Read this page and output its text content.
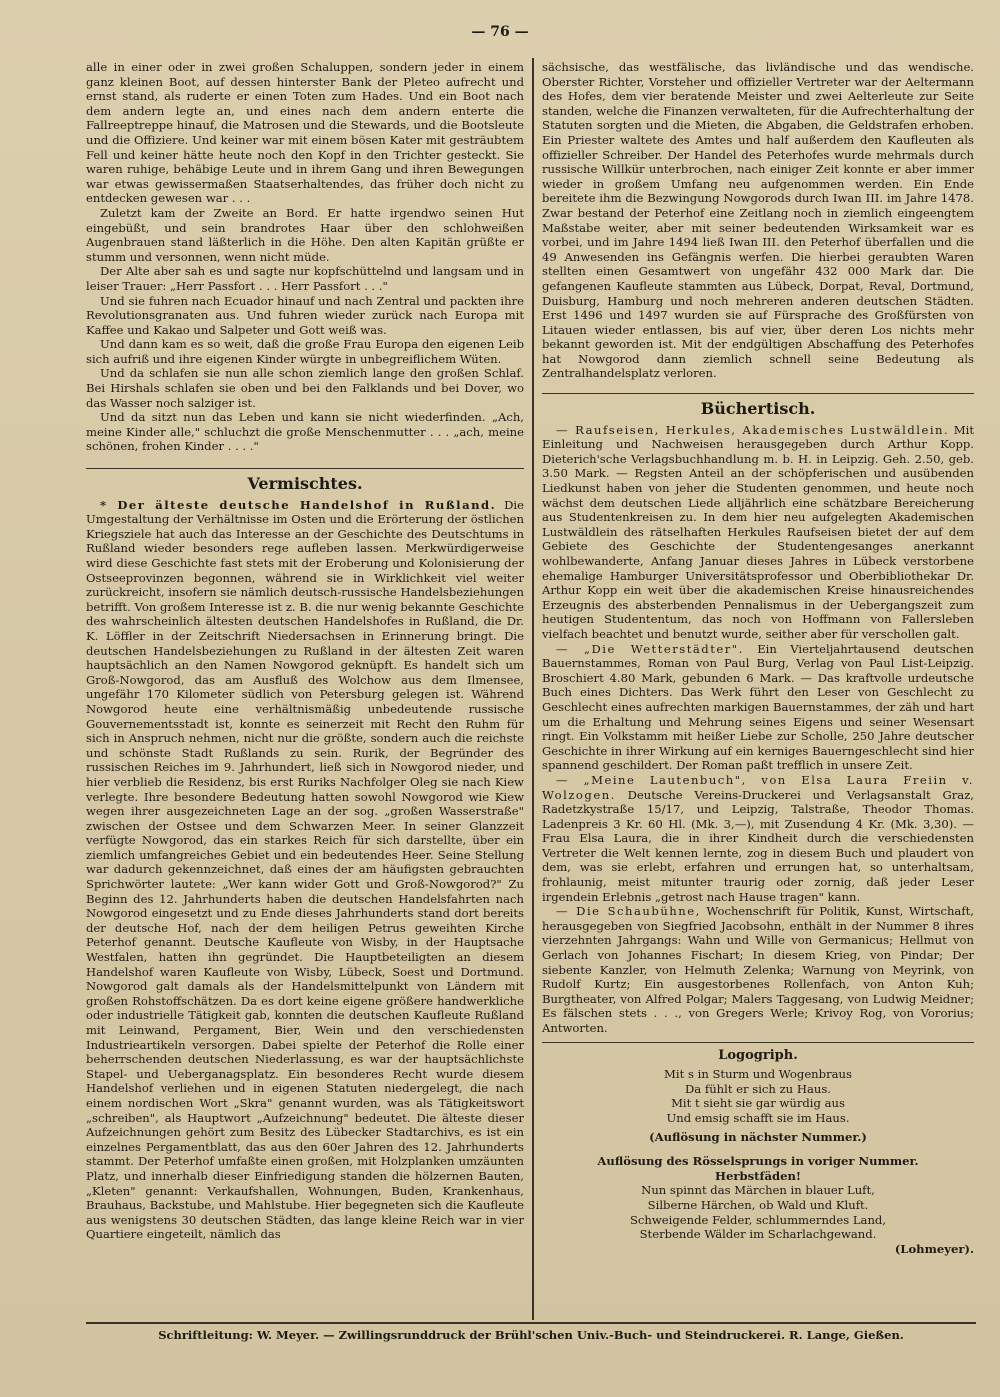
— 76 —

alle in einer oder in zwei großen Schaluppen, sondern jeder in einem ganz kleinen Boot, auf dessen hinterster Bank der Pleteo aufrecht und ernst stand, als ruderte er einen Toten zum Hades. Und ein Boot nach dem andern legte an, und eines nach dem andern enterte die Fallreeptreppe hinauf, die Matrosen und die Stewards, und die Bootsleute und die Offiziere. Und keiner war mit einem bösen Kater mit gesträubtem Fell und keiner hätte heute noch den Kopf in den Trichter gesteckt. Sie waren ruhige, behäbige Leute und in ihrem Gang und ihren Bewegungen war etwas gewissermaßen Staatserhaltendes, das früher doch nicht zu entdecken gewesen war . . .

Zuletzt kam der Zweite an Bord. Er hatte irgendwo seinen Hut eingebüßt, und sein brandrotes Haar über den schlohweißen Augenbrauen stand läßterlich in die Höhe. Den alten Kapitän grüßte er stumm und versonnen, wenn nicht müde.

Der Alte aber sah es und sagte nur kopfschüttelnd und langsam und in leiser Trauer: „Herr Passfort . . . Herr Passfort . . ."

Und sie fuhren nach Ecuador hinauf und nach Zentral und packten ihre Revolutionsgranaten aus. Und fuhren wieder zurück nach Europa mit Kaffee und Kakao und Salpeter und Gott weiß was.

Und dann kam es so weit, daß die große Frau Europa den eigenen Leib sich aufriß und ihre eigenen Kinder würgte in unbegreiflichem Wüten.

Und da schlafen sie nun alle schon ziemlich lange den großen Schlaf. Bei Hirshals schlafen sie oben und bei den Falklands und bei Dover, wo das Wasser noch salziger ist.

Und da sitzt nun das Leben und kann sie nicht wiederfinden. „Ach, meine Kinder alle," schluchzt die große Menschenmutter . . . „ach, meine schönen, frohen Kinder . . . ."

Vermischtes.

* Der älteste deutsche Handelshof in Rußland. Die Umgestaltung der Verhältnisse im Osten und die Erörterung der östlichen Kriegsziele hat auch das Interesse an der Geschichte des Deutschtums in Rußland wieder besonders rege aufleben lassen. Merkwürdigerweise wird diese Geschichte fast stets mit der Eroberung und Kolonisierung der Ostseeprovinzen begonnen, während sie in Wirklichkeit viel weiter zurückreicht, insofern sie nämlich deutsch-russische Handelsbeziehungen betrifft. Von großem Interesse ist z. B. die nur wenig bekannte Geschichte des wahrscheinlich ältesten deutschen Handelshofes in Rußland, die Dr. K. Löffler in der Zeitschrift Niedersachsen in Erinnerung bringt. Die deutschen Handelsbeziehungen zu Rußland in der ältesten Zeit waren hauptsächlich an den Namen Nowgorod geknüpft. Es handelt sich um Groß-Nowgorod, das am Ausfluß des Wolchow aus dem Ilmensee, ungefähr 170 Kilometer südlich von Petersburg gelegen ist. Während Nowgorod heute eine verhältnismäßig unbedeutende russische Gouvernementsstadt ist, konnte es seinerzeit mit Recht den Ruhm für sich in Anspruch nehmen, nicht nur die größte, sondern auch die reichste und schönste Stadt Rußlands zu sein. Rurik, der Begründer des russischen Reiches im 9. Jahrhundert, ließ sich in Nowgorod nieder, und hier verblieb die Residenz, bis erst Ruriks Nachfolger Oleg sie nach Kiew verlegte. Ihre besondere Bedeutung hatten sowohl Nowgorod wie Kiew wegen ihrer ausgezeichneten Lage an der sog. „großen Wasserstraße" zwischen der Ostsee und dem Schwarzen Meer. In seiner Glanzzeit verfügte Nowgorod, das ein starkes Reich für sich darstellte, über ein ziemlich umfangreiches Gebiet und ein bedeutendes Heer. Seine Stellung war dadurch gekennzeichnet, daß eines der am häufigsten gebrauchten Sprichwörter lautete: „Wer kann wider Gott und Groß-Nowgorod?" Zu Beginn des 12. Jahrhunderts haben die deutschen Handelsfahrten nach Nowgorod eingesetzt und zu Ende dieses Jahrhunderts stand dort bereits der deutsche Hof, nach der dem heiligen Petrus geweihten Kirche Peterhof genannt. Deutsche Kaufleute von Wisby, in der Hauptsache Westfalen, hatten ihn gegründet. Die Hauptbeteiligten an diesem Handelshof waren Kaufleute von Wisby, Lübeck, Soest und Dortmund. Nowgorod galt damals als der Handelsmittelpunkt von Ländern mit großen Rohstoffschätzen. Da es dort keine eigene größere handwerkliche oder industrielle Tätigkeit gab, konnten die deutschen Kaufleute Rußland mit Leinwand, Pergament, Bier, Wein und den verschiedensten Industrieartikeln versorgen. Dabei spielte der Peterhof die Rolle einer beherrschenden deutschen Niederlassung, es war der hauptsächlichste Stapel- und Ueberganagsplatz. Ein besonderes Recht wurde diesem Handelshof verliehen und in eigenen Statuten niedergelegt, die nach einem nordischen Wort „Skra" genannt wurden, was als Tätigkeitswort „schreiben", als Hauptwort „Aufzeichnung" bedeutet. Die älteste dieser Aufzeichnungen gehört zum Besitz des Lübecker Stadtarchivs, es ist ein einzelnes Pergamentblatt, das aus den 60er Jahren des 12. Jahrhunderts stammt. Der Peterhof umfaßte einen großen, mit Holzplanken umzäunten Platz, und innerhalb dieser Einfriedigung standen die hölzernen Bauten, „Kleten" genannt: Verkaufshallen, Wohnungen, Buden, Krankenhaus, Brauhaus, Backstube, und Mahlstube. Hier begegneten sich die Kaufleute aus wenigstens 30 deutschen Städten, das lange kleine Reich war in vier Quartiere eingeteilt, nämlich das

sächsische, das westfälische, das livländische und das wendische. Oberster Richter, Vorsteher und offizieller Vertreter war der Aeltermann des Hofes, dem vier beratende Meister und zwei Aelterleute zur Seite standen, welche die Finanzen verwalteten, für die Aufrechterhaltung der Statuten sorgten und die Mieten, die Abgaben, die Geldstrafen erhoben. Ein Priester waltete des Amtes und half außerdem den Kaufleuten als offizieller Schreiber. Der Handel des Peterhofes wurde mehrmals durch russische Willkür unterbrochen, nach einiger Zeit konnte er aber immer wieder in großem Umfang neu aufgenommen werden. Ein Ende bereitete ihm die Bezwingung Nowgorods durch Iwan III. im Jahre 1478. Zwar bestand der Peterhof eine Zeitlang noch in ziemlich eingeengtem Maßstabe weiter, aber mit seiner bedeutenden Wirksamkeit war es vorbei, und im Jahre 1494 ließ Iwan III. den Peterhof überfallen und die 49 Anwesenden ins Gefängnis werfen. Die hierbei geraubten Waren stellten einen Gesamtwert von ungefähr 432 000 Mark dar. Die gefangenen Kaufleute stammten aus Lübeck, Dorpat, Reval, Dortmund, Duisburg, Hamburg und noch mehreren anderen deutschen Städten. Erst 1496 und 1497 wurden sie auf Fürsprache des Großfürsten von Litauen wieder entlassen, bis auf vier, über deren Los nichts mehr bekannt geworden ist. Mit der endgültigen Abschaffung des Peterhofes hat Nowgorod dann ziemlich schnell seine Bedeutung als Zentralhandelsplatz verloren.

Büchertisch.

— Raufseisen, Herkules, Akademisches Lustwäldlein. Mit Einleitung und Nachweisen herausgegeben durch Arthur Kopp. Dieterich'sche Verlagsbuchhandlung m. b. H. in Leipzig. Geh. 2.50, geb. 3.50 Mark. — Regsten Anteil an der schöpferischen und ausübenden Liedkunst haben von jeher die Studenten genommen, und heute noch wächst dem deutschen Liede alljährlich eine schätzbare Bereicherung aus Studentenkreisen zu. In dem hier neu aufgelegten Akademischen Lustwäldlein des rätselhaften Herkules Raufseisen bietet der auf dem Gebiete des Geschichte der Studentengesanges anerkannt wohlbewanderte, Anfang Januar dieses Jahres in Lübeck verstorbene ehemalige Hamburger Universitätsprofessor und Oberbibliothekar Dr. Arthur Kopp ein weit über die akademischen Kreise hinausreichendes Erzeugnis des absterbenden Pennalismus in der Uebergangszeit zum heutigen Studententum, das noch von Hoffmann von Fallersleben vielfach beachtet und benutzt wurde, seither aber für verschollen galt.

— „Die Wetterstädter". Ein Vierteljahrtausend deutschen Bauernstammes, Roman von Paul Burg, Verlag von Paul List-Leipzig. Broschiert 4.80 Mark, gebunden 6 Mark. — Das kraftvolle urdeutsche Buch eines Dichters. Das Werk führt den Leser von Geschlecht zu Geschlecht eines aufrechten markigen Bauernstammes, der zäh und hart um die Erhaltung und Mehrung seines Eigens und seiner Wesensart ringt. Ein Volkstamm mit heißer Liebe zur Scholle, 250 Jahre deutscher Geschichte in ihrer Wirkung auf ein kerniges Bauerngeschlecht sind hier spannend geschildert. Der Roman paßt trefflich in unsere Zeit.

— „Meine Lautenbuch", von Elsa Laura Freiin v. Wolzogen. Deutsche Vereins-Druckerei und Verlagsanstalt Graz, Radetzkystraße 15/17, und Leipzig, Talstraße, Theodor Thomas. Ladenpreis 3 Kr. 60 Hl. (Mk. 3,—), mit Zusendung 4 Kr. (Mk. 3,30). — Frau Elsa Laura, die in ihrer Kindheit durch die verschiedensten Vertreter die Welt kennen lernte, zog in diesem Buch und plaudert von dem, was sie erlebt, erfahren und errungen hat, so unterhaltsam, frohlaunig, meist mitunter traurig oder zornig, daß jeder Leser irgendein Erlebnis „getrost nach Hause tragen" kann.

— Die Schaubühne, Wochenschrift für Politik, Kunst, Wirtschaft, herausgegeben von Siegfried Jacobsohn, enthält in der Nummer 8 ihres vierzehnten Jahrgangs: Wahn und Wille von Germanicus; Hellmut von Gerlach von Johannes Fischart; In diesem Krieg, von Pindar; Der siebente Kanzler, von Helmuth Zelenka; Warnung von Meyrink, von Rudolf Kurtz; Ein ausgestorbenes Rollenfach, von Anton Kuh; Burgtheater, von Alfred Polgar; Malers Taggesang, von Ludwig Meidner; Es fälschen stets . . ., von Gregers Werle; Krivoy Rog, von Vororius; Antworten.

Logogriph.
Mit s in Sturm und Wogenbraus
Da fühlt er sich zu Haus.
Mit t sieht sie gar würdig aus
Und emsig schafft sie im Haus.
(Auflösung in nächster Nummer.)
Auflösung des Rösselsprungs in voriger Nummer.
Herbstfäden!
Nun spinnt das Märchen in blauer Luft,
Silberne Härchen, ob Wald und Kluft.
Schweigende Felder, schlummerndes Land,
Sterbende Wälder im Scharlachgewand.
(Lohmeyer).
Schriftleitung: W. Meyer. — Zwillingsrunddruck der Brühl'schen Univ.-Buch- und Steindruckerei. R. Lange, Gießen.
